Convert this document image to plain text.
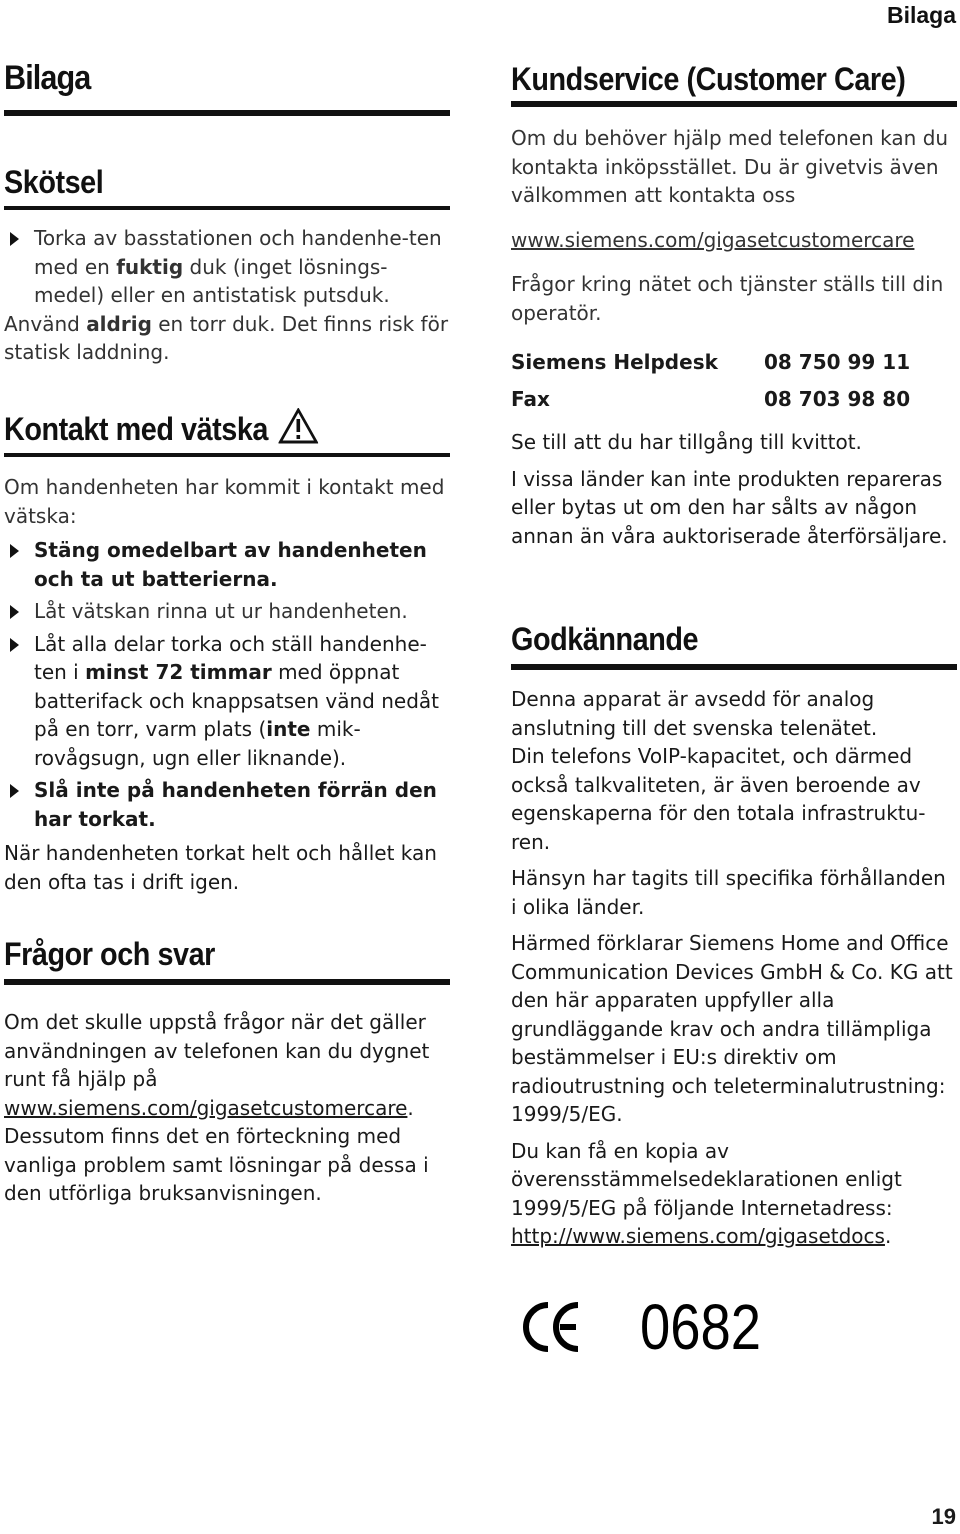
Bilaga
Bilaga
Skötsel
Torka av basstationen och handenhe-ten med en fuktig duk (inget lösnings-medel) eller en antistatisk putsduk.

Använd aldrig en torr duk. Det finns risk för statisk laddning.

Kontakt med vätska

Om handenheten har kommit i kontakt med vätska:

Stäng omedelbart av handenheten och ta ut batterierna.
Låt vätskan rinna ut ur handenheten.
Låt alla delar torka och ställ handenhe-ten i minst 72 timmar med öppnat batterifack och knappsatsen vänd nedåt på en torr, varm plats (inte mik-rovågsugn, ugn eller liknande).
Slå inte på handenheten förrän den har torkat.

När handenheten torkat helt och hållet kan den ofta tas i drift igen.

Frågor och svar

Om det skulle uppstå frågor när det gäller användningen av telefonen kan du dygnet runt få hjälp på www.siemens.com/gigasetcustomercare. Dessutom finns det en förteckning med vanliga problem samt lösningar på dessa i den utförliga bruksanvisningen.

Kundservice (Customer Care)

Om du behöver hjälp med telefonen kan du kontakta inköpsstället. Du är givetvis även välkommen att kontakta oss

www.siemens.com/gigasetcustomercare

Frågor kring nätet och tjänster ställs till din operatör.

Siemens Helpdesk	08 750 99 11
Fax	08 703 98 80

Se till att du har tillgång till kvittot.

I vissa länder kan inte produkten repareras eller bytas ut om den har sålts av någon annan än våra auktoriserade återförsäljare.

Godkännande

Denna apparat är avsedd för analog anslutning till det svenska telenätet.

Din telefons VoIP-kapacitet, och därmed också talkvaliteten, är även beroende av egenskaperna för den totala infrastruktu-ren.

Hänsyn har tagits till specifika förhållanden i olika länder.

Härmed förklarar Siemens Home and Office Communication Devices GmbH & Co. KG att den här apparaten uppfyller alla grundläggande krav och andra tillämpliga bestämmelser i EU:s direktiv om radioutrustning och teleterminalutrustning: 1999/5/EG.

Du kan få en kopia av överensstämmelsedeklarationen enligt 1999/5/EG på följande Internetadress: http://www.siemens.com/gigasetdocs.

0682
19
